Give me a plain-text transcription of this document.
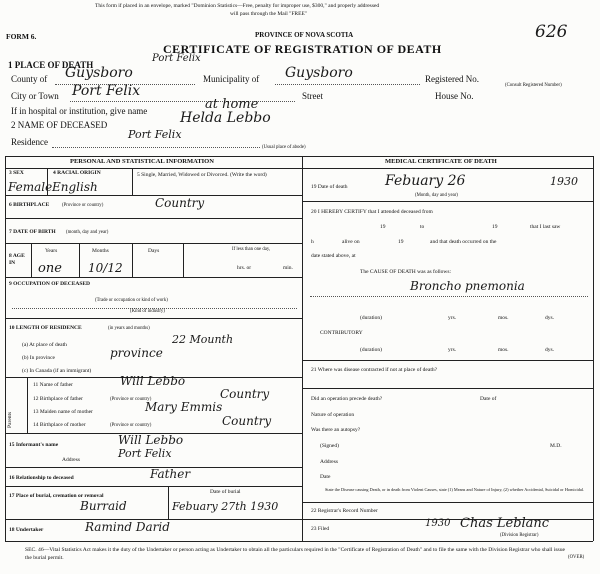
This form if placed in an envelope, marked "Dominion Statistics—Free, penalty for improper use, $300," and properly addressed
will pass through the Mail "FREE"
626
FORM 6.	PROVINCE OF NOVA SCOTIA
CERTIFICATE OF REGISTRATION OF DEATH
1 PLACE OF DEATH
Port Felix
County of Guysboro	Municipality of Guysboro	Registered No.
(Consult Registered Number)
City or Town Port Felix	Street	House No.
If in hospital or institution, give name	at home
2 NAME OF DECEASED	Helda Lebbo
Residence
Port Felix
(Usual place of abode)
PERSONAL AND STATISTICAL INFORMATION
3 SEX
Female
4 RACIAL ORIGIN
English
5 Single, Married, Widowed or Divorced. (Write the word)
6 BIRTHPLACE	(Province or country)	Country
7 DATE OF BIRTH (month, day and year)
8 AGE IN
Years
one
Months
10/12
Days	If less than one day,
hrs. or	min.
9 OCCUPATION OF DECEASED
(Trade or occupation or kind of work)
(Kind of industry)
10 LENGTH OF RESIDENCE	(in years and months)
(a) At place of death	22 Mounth
(b) In province	province
(c) In Canada (if an immigrant)
Parents
11 Name of father	Will Lebbo
12 Birthplace of father	(Province or country)	Country
13 Maiden name of mother	Mary Emmis
14 Birthplace of mother	(Province or country)	Country
15 Informant's name	Will Lebbo
Address	Port Felix
16 Relationship to deceased	Father
17 Place of burial, cremation or removal
Burraid
Date of burial
Febuary 27th 1930
18 Undertaker	Ramind Darid
MEDICAL CERTIFICATE OF DEATH
19 Date of death	Febuary 26	1930
(Month, day and year)
20 I HEREBY CERTIFY that I attended deceased from
19	to	19	that I last saw
h	alive on	19	and that death occurred on the
date stated above, at
The CAUSE OF DEATH was as follows:
Broncho pnemonia
(duration)	yrs.	mos.	dys.
CONTRIBUTORY
(duration)	yrs.	mos.	dys.
21 Where was disease contracted if not at place of death?
Did an operation precede death?	Date of
Nature of operation
Was there an autopsy?
(Signed)	M.D.
Address
Date
State the Disease causing Death, or in death from Violent Causes, state (1) Means and Nature of Injury, (2) whether Accidental, Suicidal or Homicidal.
22 Registrar's Record Number
23 Filed	1930 Chas Leblanc
(Division Registrar)
SEC. 46—Vital Statistics Act makes it the duty of the Undertaker or person acting as Undertaker to obtain all the particulars required in the "Certificate of Registration of Death" and to file the same with the Division Registrar who shall issue the burial permit.	(OVER)
